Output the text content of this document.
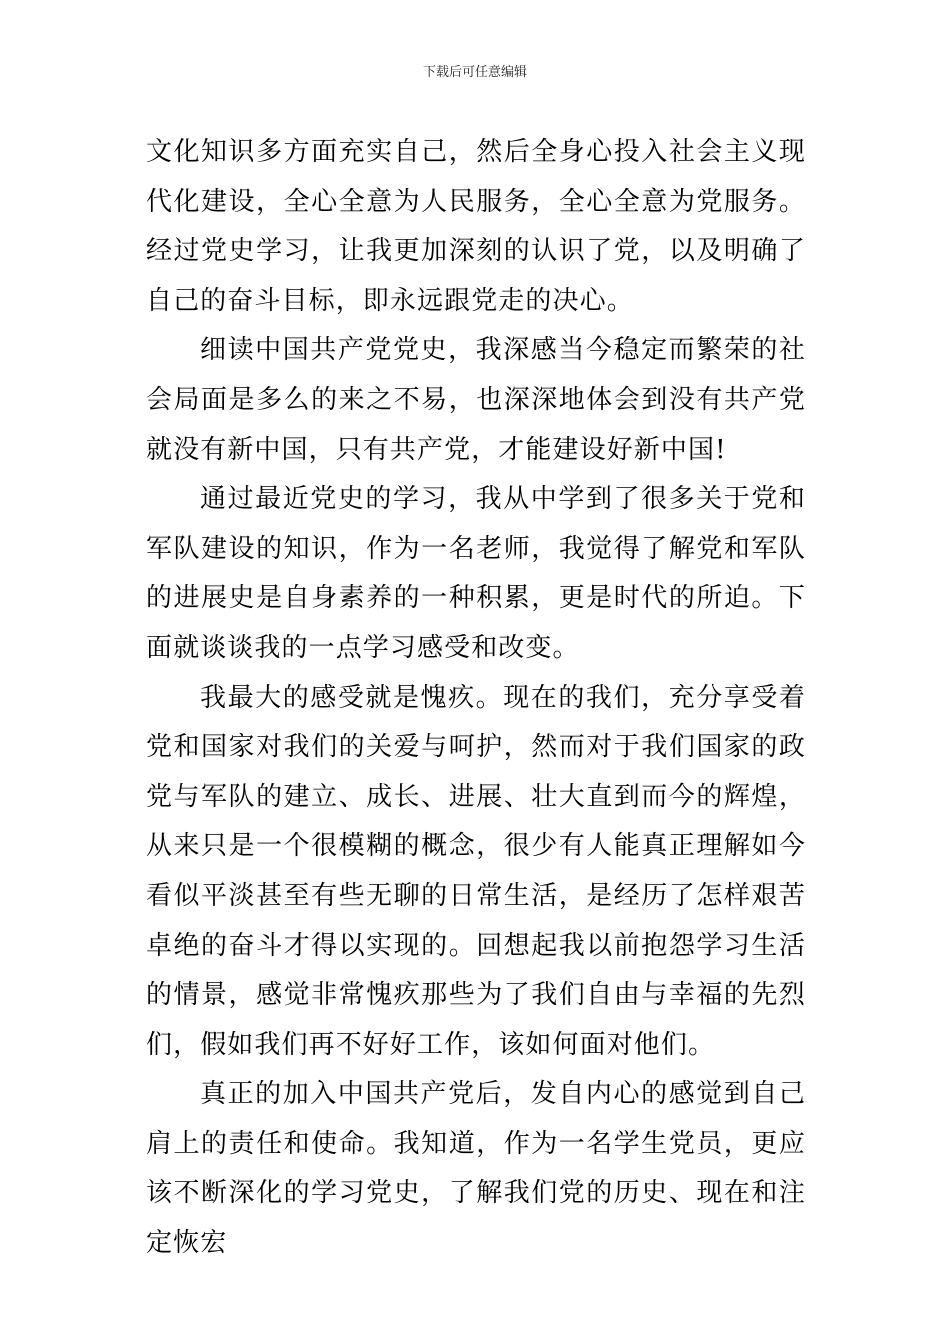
下载后可任意编辑

文化知识多方面充实自己，然后全身心投入社会主义现代化建设，全心全意为人民服务，全心全意为党服务。经过党史学习，让我更加深刻的认识了党，以及明确了自己的奋斗目标，即永远跟党走的决心。

细读中国共产党党史，我深感当今稳定而繁荣的社会局面是多么的来之不易，也深深地体会到没有共产党就没有新中国，只有共产党，才能建设好新中国!

通过最近党史的学习，我从中学到了很多关于党和军队建设的知识，作为一名老师，我觉得了解党和军队的进展史是自身素养的一种积累，更是时代的所迫。下面就谈谈我的一点学习感受和改变。

我最大的感受就是愧疚。现在的我们，充分享受着党和国家对我们的关爱与呵护，然而对于我们国家的政党与军队的建立、成长、进展、壮大直到而今的辉煌，从来只是一个很模糊的概念，很少有人能真正理解如今看似平淡甚至有些无聊的日常生活，是经历了怎样艰苦卓绝的奋斗才得以实现的。回想起我以前抱怨学习生活的情景，感觉非常愧疚那些为了我们自由与幸福的先烈们，假如我们再不好好工作，该如何面对他们。

真正的加入中国共产党后，发自内心的感觉到自己肩上的责任和使命。我知道，作为一名学生党员，更应该不断深化的学习党史，了解我们党的历史、现在和注定恢宏
